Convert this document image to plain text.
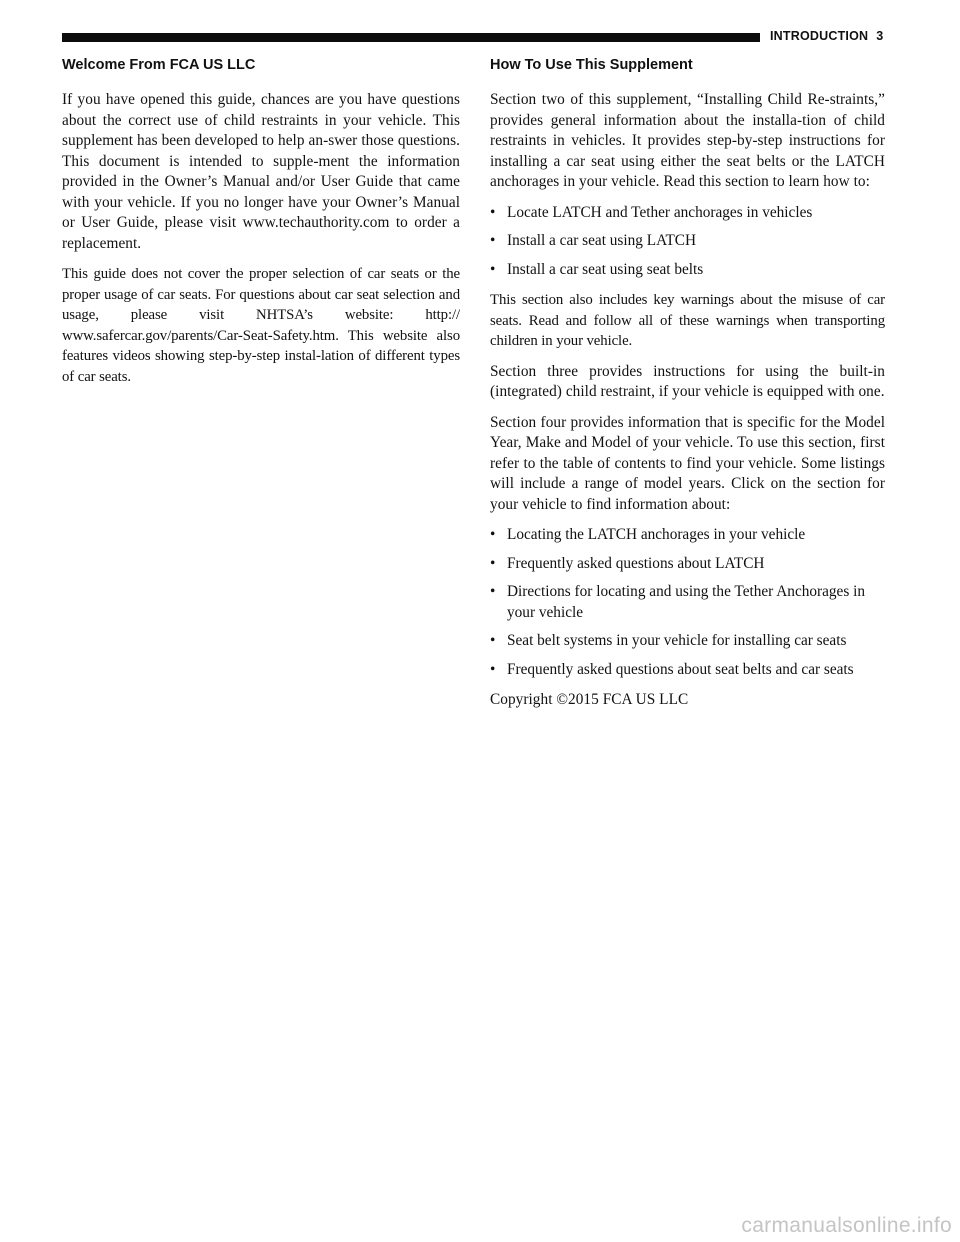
INTRODUCTION 3
Welcome From FCA US LLC

If you have opened this guide, chances are you have questions about the correct use of child restraints in your vehicle. This supplement has been developed to help an-swer those questions. This document is intended to supple-ment the information provided in the Owner’s Manual and/or User Guide that came with your vehicle. If you no longer have your Owner’s Manual or User Guide, please visit www.techauthority.com to order a replacement.

This guide does not cover the proper selection of car seats or the proper usage of car seats. For questions about car seat selection and usage, please visit NHTSA’s website: http:// www.safercar.gov/parents/Car-Seat-Safety.htm. This website also features videos showing step-by-step instal-lation of different types of car seats.

How To Use This Supplement

Section two of this supplement, “Installing Child Re-straints,” provides general information about the installa-tion of child restraints in vehicles. It provides step-by-step instructions for installing a car seat using either the seat belts or the LATCH anchorages in your vehicle. Read this section to learn how to:

• Locate LATCH and Tether anchorages in vehicles
• Install a car seat using LATCH
• Install a car seat using seat belts

This section also includes key warnings about the misuse of car seats. Read and follow all of these warnings when transporting children in your vehicle.

Section three provides instructions for using the built-in (integrated) child restraint, if your vehicle is equipped with one.

Section four provides information that is specific for the Model Year, Make and Model of your vehicle. To use this section, first refer to the table of contents to find your vehicle. Some listings will include a range of model years. Click on the section for your vehicle to find information about:

• Locating the LATCH anchorages in your vehicle
• Frequently asked questions about LATCH
• Directions for locating and using the Tether Anchorages in your vehicle
• Seat belt systems in your vehicle for installing car seats
• Frequently asked questions about seat belts and car seats

Copyright ©2015 FCA US LLC

carmanualsonline.info
